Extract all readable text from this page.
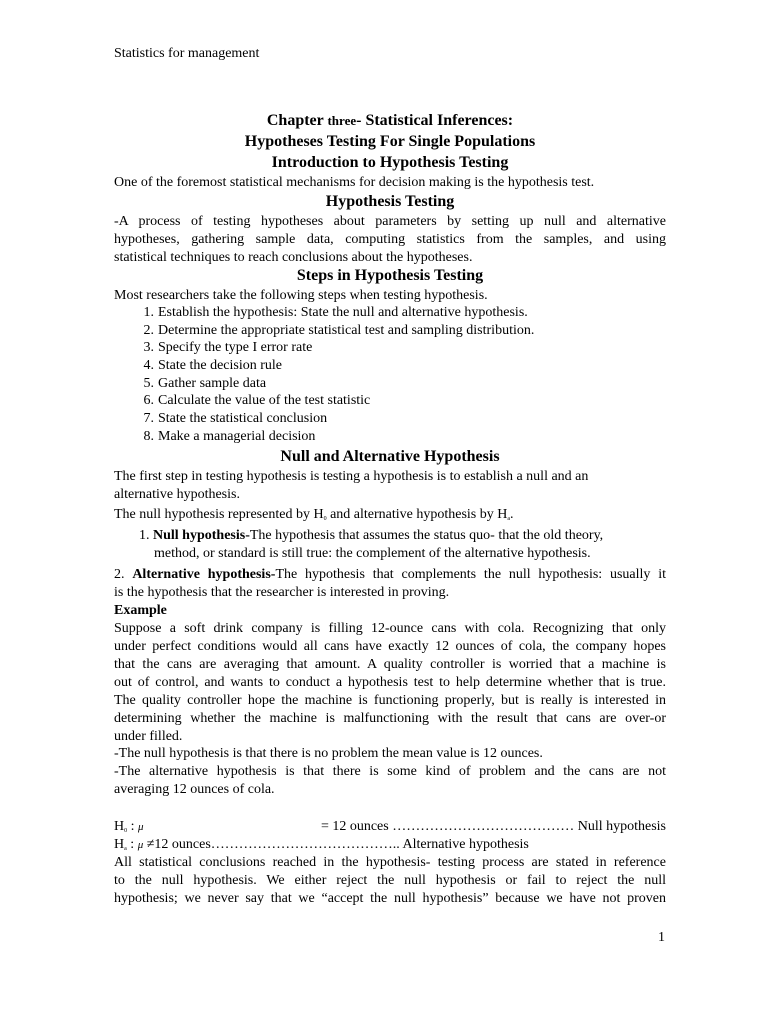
Statistics for management
Chapter three- Statistical Inferences:
Hypotheses Testing For Single Populations
Introduction to Hypothesis Testing
One of the foremost statistical mechanisms for decision making is the hypothesis test.
Hypothesis Testing
-A process of testing hypotheses about parameters by setting up null and alternative
hypotheses, gathering sample data, computing statistics from the samples, and using
statistical techniques to reach conclusions about the hypotheses.
Steps in Hypothesis Testing
Most researchers take the following steps when testing hypothesis.
1. Establish the hypothesis: State the null and alternative hypothesis.
2. Determine the appropriate statistical test and sampling distribution.
3. Specify the type I error rate
4. State the decision rule
5. Gather sample data
6. Calculate the value of the test statistic
7. State the statistical conclusion
8. Make a managerial decision
Null and Alternative Hypothesis
The first step in testing hypothesis is testing a hypothesis is to establish a null and an
alternative hypothesis.
The null hypothesis represented by $H_0$ and alternative hypothesis by $H_a$.
1. Null hypothesis-The hypothesis that assumes the status quo- that the old theory,
method, or standard is still true: the complement of the alternative hypothesis.
2. Alternative hypothesis-The hypothesis that complements the null hypothesis: usually it
is the hypothesis that the researcher is interested in proving.
Example
Suppose a soft drink company is filling 12-ounce cans with cola. Recognizing that only
under perfect conditions would all cans have exactly 12 ounces of cola, the company hopes
that the cans are averaging that amount. A quality controller is worried that a machine is
out of control, and wants to conduct a hypothesis test to help determine whether that is true.
The quality controller hope the machine is functioning properly, but is really is interested in
determining whether the machine is malfunctioning with the result that cans are over-or
under filled.
-The null hypothesis is that there is no problem the mean value is 12 ounces.
-The alternative hypothesis is that there is some kind of problem and the cans are not
averaging 12 ounces of cola.
$H_0$ : μ	= 12 ounces ………………………………… Null hypothesis
$H_a$ : μ ≠12 ounces………………………………….. Alternative hypothesis
All statistical conclusions reached in the hypothesis- testing process are stated in reference
to the null hypothesis. We either reject the null hypothesis or fail to reject the null
hypothesis; we never say that we “accept the null hypothesis” because we have not proven
1
